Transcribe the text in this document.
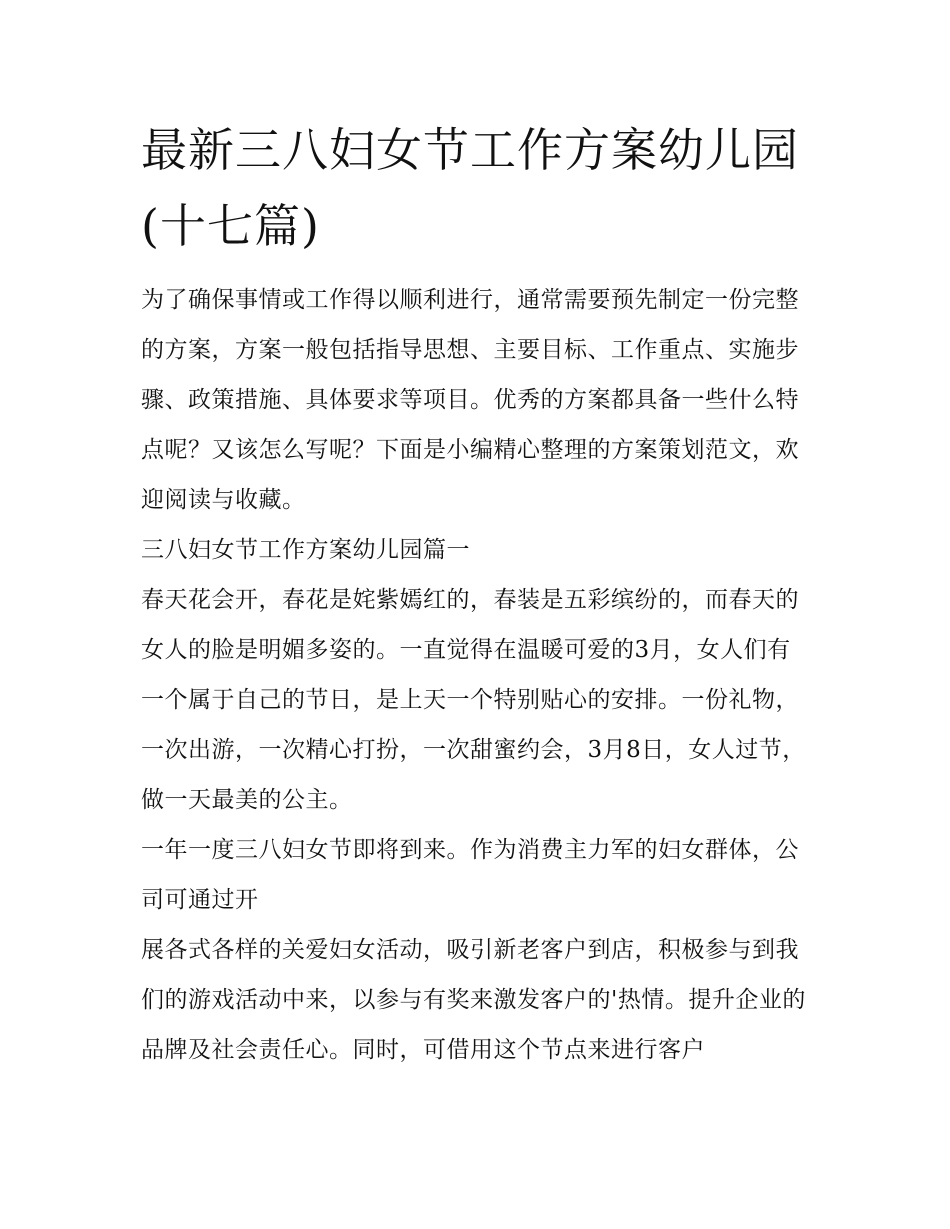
最新三八妇女节工作方案幼儿园(十七篇)

为了确保事情或工作得以顺利进行，通常需要预先制定一份完整的方案，方案一般包括指导思想、主要目标、工作重点、实施步骤、政策措施、具体要求等项目。优秀的方案都具备一些什么特点呢？又该怎么写呢？下面是小编精心整理的方案策划范文，欢迎阅读与收藏。

三八妇女节工作方案幼儿园篇一

春天花会开，春花是姹紫嫣红的，春装是五彩缤纷的，而春天的女人的脸是明媚多姿的。一直觉得在温暖可爱的3月，女人们有一个属于自己的节日，是上天一个特别贴心的安排。一份礼物，一次出游，一次精心打扮，一次甜蜜约会，3月8日，女人过节，做一天最美的公主。

一年一度三八妇女节即将到来。作为消费主力军的妇女群体，公司可通过开

展各式各样的关爱妇女活动，吸引新老客户到店，积极参与到我们的游戏活动中来，以参与有奖来激发客户的'热情。提升企业的品牌及社会责任心。同时，可借用这个节点来进行客户
